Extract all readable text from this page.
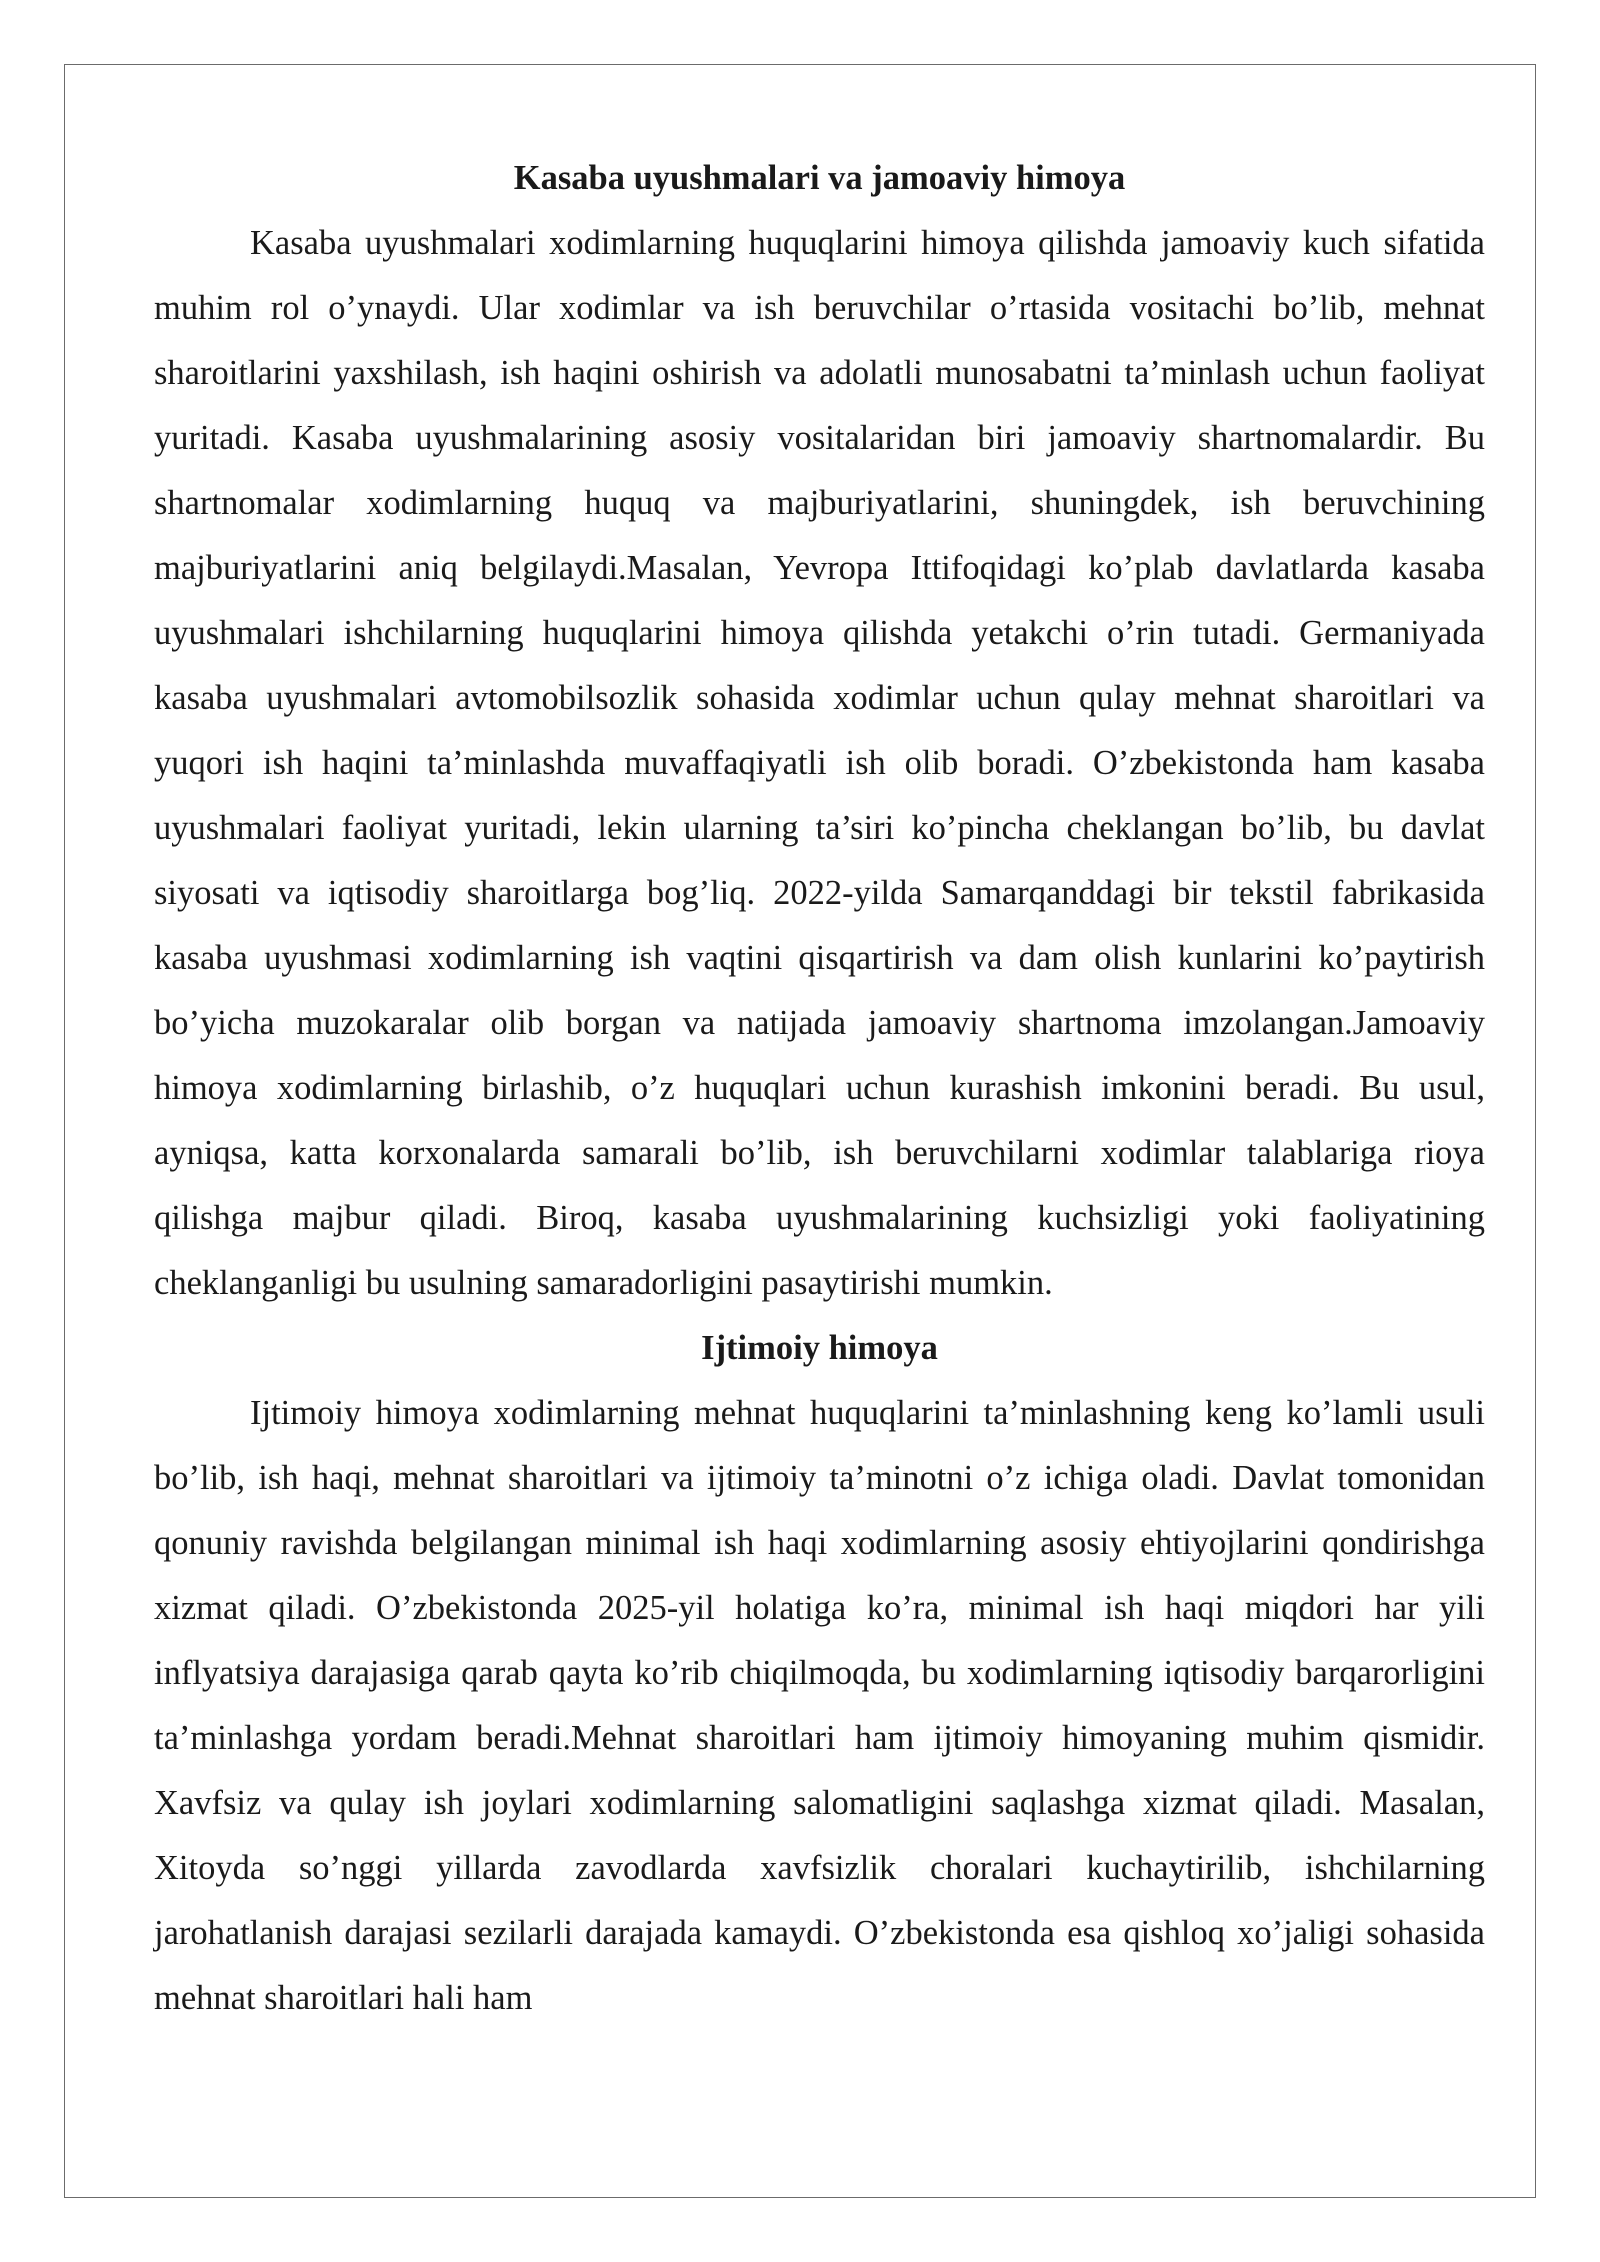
Kasaba uyushmalari va jamoaviy himoya

Kasaba uyushmalari xodimlarning huquqlarini himoya qilishda jamoaviy kuch sifatida muhim rol o’ynaydi. Ular xodimlar va ish beruvchilar o’rtasida vositachi bo’lib, mehnat sharoitlarini yaxshilash, ish haqini oshirish va adolatli munosabatni ta’minlash uchun faoliyat yuritadi. Kasaba uyushmalarining asosiy vositalaridan biri jamoaviy shartnomalardir. Bu shartnomalar xodimlarning huquq va majburiyatlarini, shuningdek, ish beruvchining majburiyatlarini aniq belgilaydi.Masalan, Yevropa Ittifoqidagi ko’plab davlatlarda kasaba uyushmalari ishchilarning huquqlarini himoya qilishda yetakchi o’rin tutadi. Germaniyada kasaba uyushmalari avtomobilsozlik sohasida xodimlar uchun qulay mehnat sharoitlari va yuqori ish haqini ta’minlashda muvaffaqiyatli ish olib boradi. O’zbekistonda ham kasaba uyushmalari faoliyat yuritadi, lekin ularning ta’siri ko’pincha cheklangan bo’lib, bu davlat siyosati va iqtisodiy sharoitlarga bog’liq. 2022-yilda Samarqanddagi bir tekstil fabrikasida kasaba uyushmasi xodimlarning ish vaqtini qisqartirish va dam olish kunlarini ko’paytirish bo’yicha muzokaralar olib borgan va natijada jamoaviy shartnoma imzolangan.Jamoaviy himoya xodimlarning birlashib, o’z huquqlari uchun kurashish imkonini beradi. Bu usul, ayniqsa, katta korxonalarda samarali bo’lib, ish beruvchilarni xodimlar talablariga rioya qilishga majbur qiladi. Biroq, kasaba uyushmalarining kuchsizligi yoki faoliyatining cheklanganligi bu usulning samaradorligini pasaytirishi mumkin.

Ijtimoiy himoya

Ijtimoiy himoya xodimlarning mehnat huquqlarini ta’minlashning keng ko’lamli usuli bo’lib, ish haqi, mehnat sharoitlari va ijtimoiy ta’minotni o’z ichiga oladi. Davlat tomonidan qonuniy ravishda belgilangan minimal ish haqi xodimlarning asosiy ehtiyojlarini qondirishga xizmat qiladi. O’zbekistonda 2025-yil holatiga ko’ra, minimal ish haqi miqdori har yili inflyatsiya darajasiga qarab qayta ko’rib chiqilmoqda, bu xodimlarning iqtisodiy barqarorligini ta’minlashga yordam beradi.Mehnat sharoitlari ham ijtimoiy himoyaning muhim qismidir. Xavfsiz va qulay ish joylari xodimlarning salomatligini saqlashga xizmat qiladi. Masalan, Xitoyda so’nggi yillarda zavodlarda xavfsizlik choralari kuchaytirilib, ishchilarning jarohatlanish darajasi sezilarli darajada kamaydi. O’zbekistonda esa qishloq xo’jaligi sohasida mehnat sharoitlari hali ham
